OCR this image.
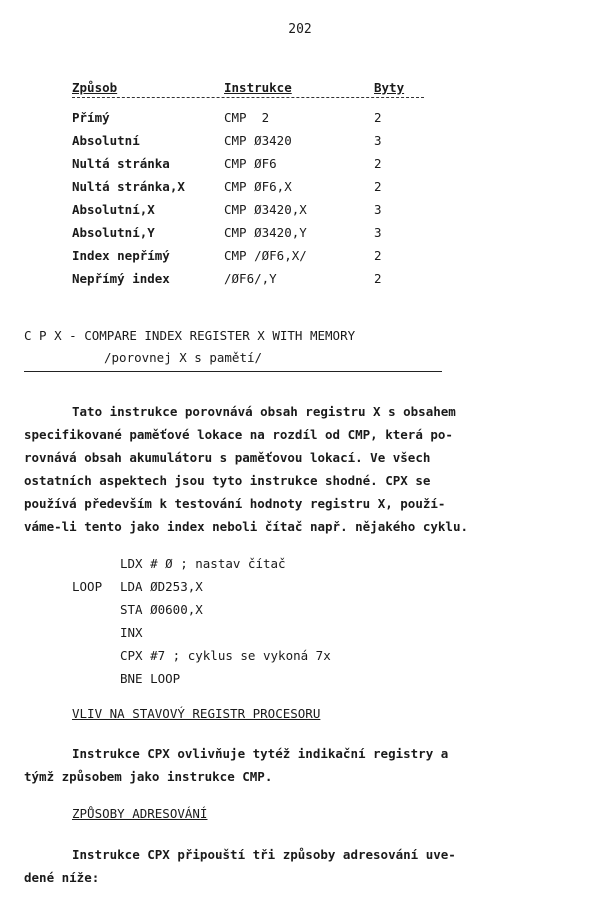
202
Způsob	Instrukce	Byty
Přímý	CMP  2	2
Absolutní	CMP Ø3420	3
Nultá stránka	CMP ØF6	2
Nultá stránka,X	CMP ØF6,X	2
Absolutní,X	CMP Ø3420,X	3
Absolutní,Y	CMP Ø3420,Y	3
Index nepřímý	CMP /ØF6,X/	2
Nepřímý index	/ØF6/,Y	2
C P X - COMPARE INDEX REGISTER X WITH MEMORY
/porovnej X s pamětí/
Tato instrukce porovnává obsah registru X s obsahem
specifikované paměťové lokace na rozdíl od CMP, která po-
rovnává obsah akumulátoru s paměťovou lokací. Ve všech
ostatních aspektech jsou tyto instrukce shodné. CPX se
používá především k testování hodnoty registru X, použí-
váme-li tento jako index neboli čítač např. nějakého cyklu.
LDX # Ø ; nastav čítač
LOOP LDA ØD253,X
STA Ø0600,X
INX
CPX #7 ; cyklus se vykoná 7x
BNE LOOP
VLIV NA STAVOVÝ REGISTR PROCESORU
Instrukce CPX ovlivňuje tytéž indikační registry a
týmž způsobem jako instrukce CMP.
ZPŮSOBY ADRESOVÁNÍ
Instrukce CPX připouští tři způsoby adresování uve-
dené níže:
